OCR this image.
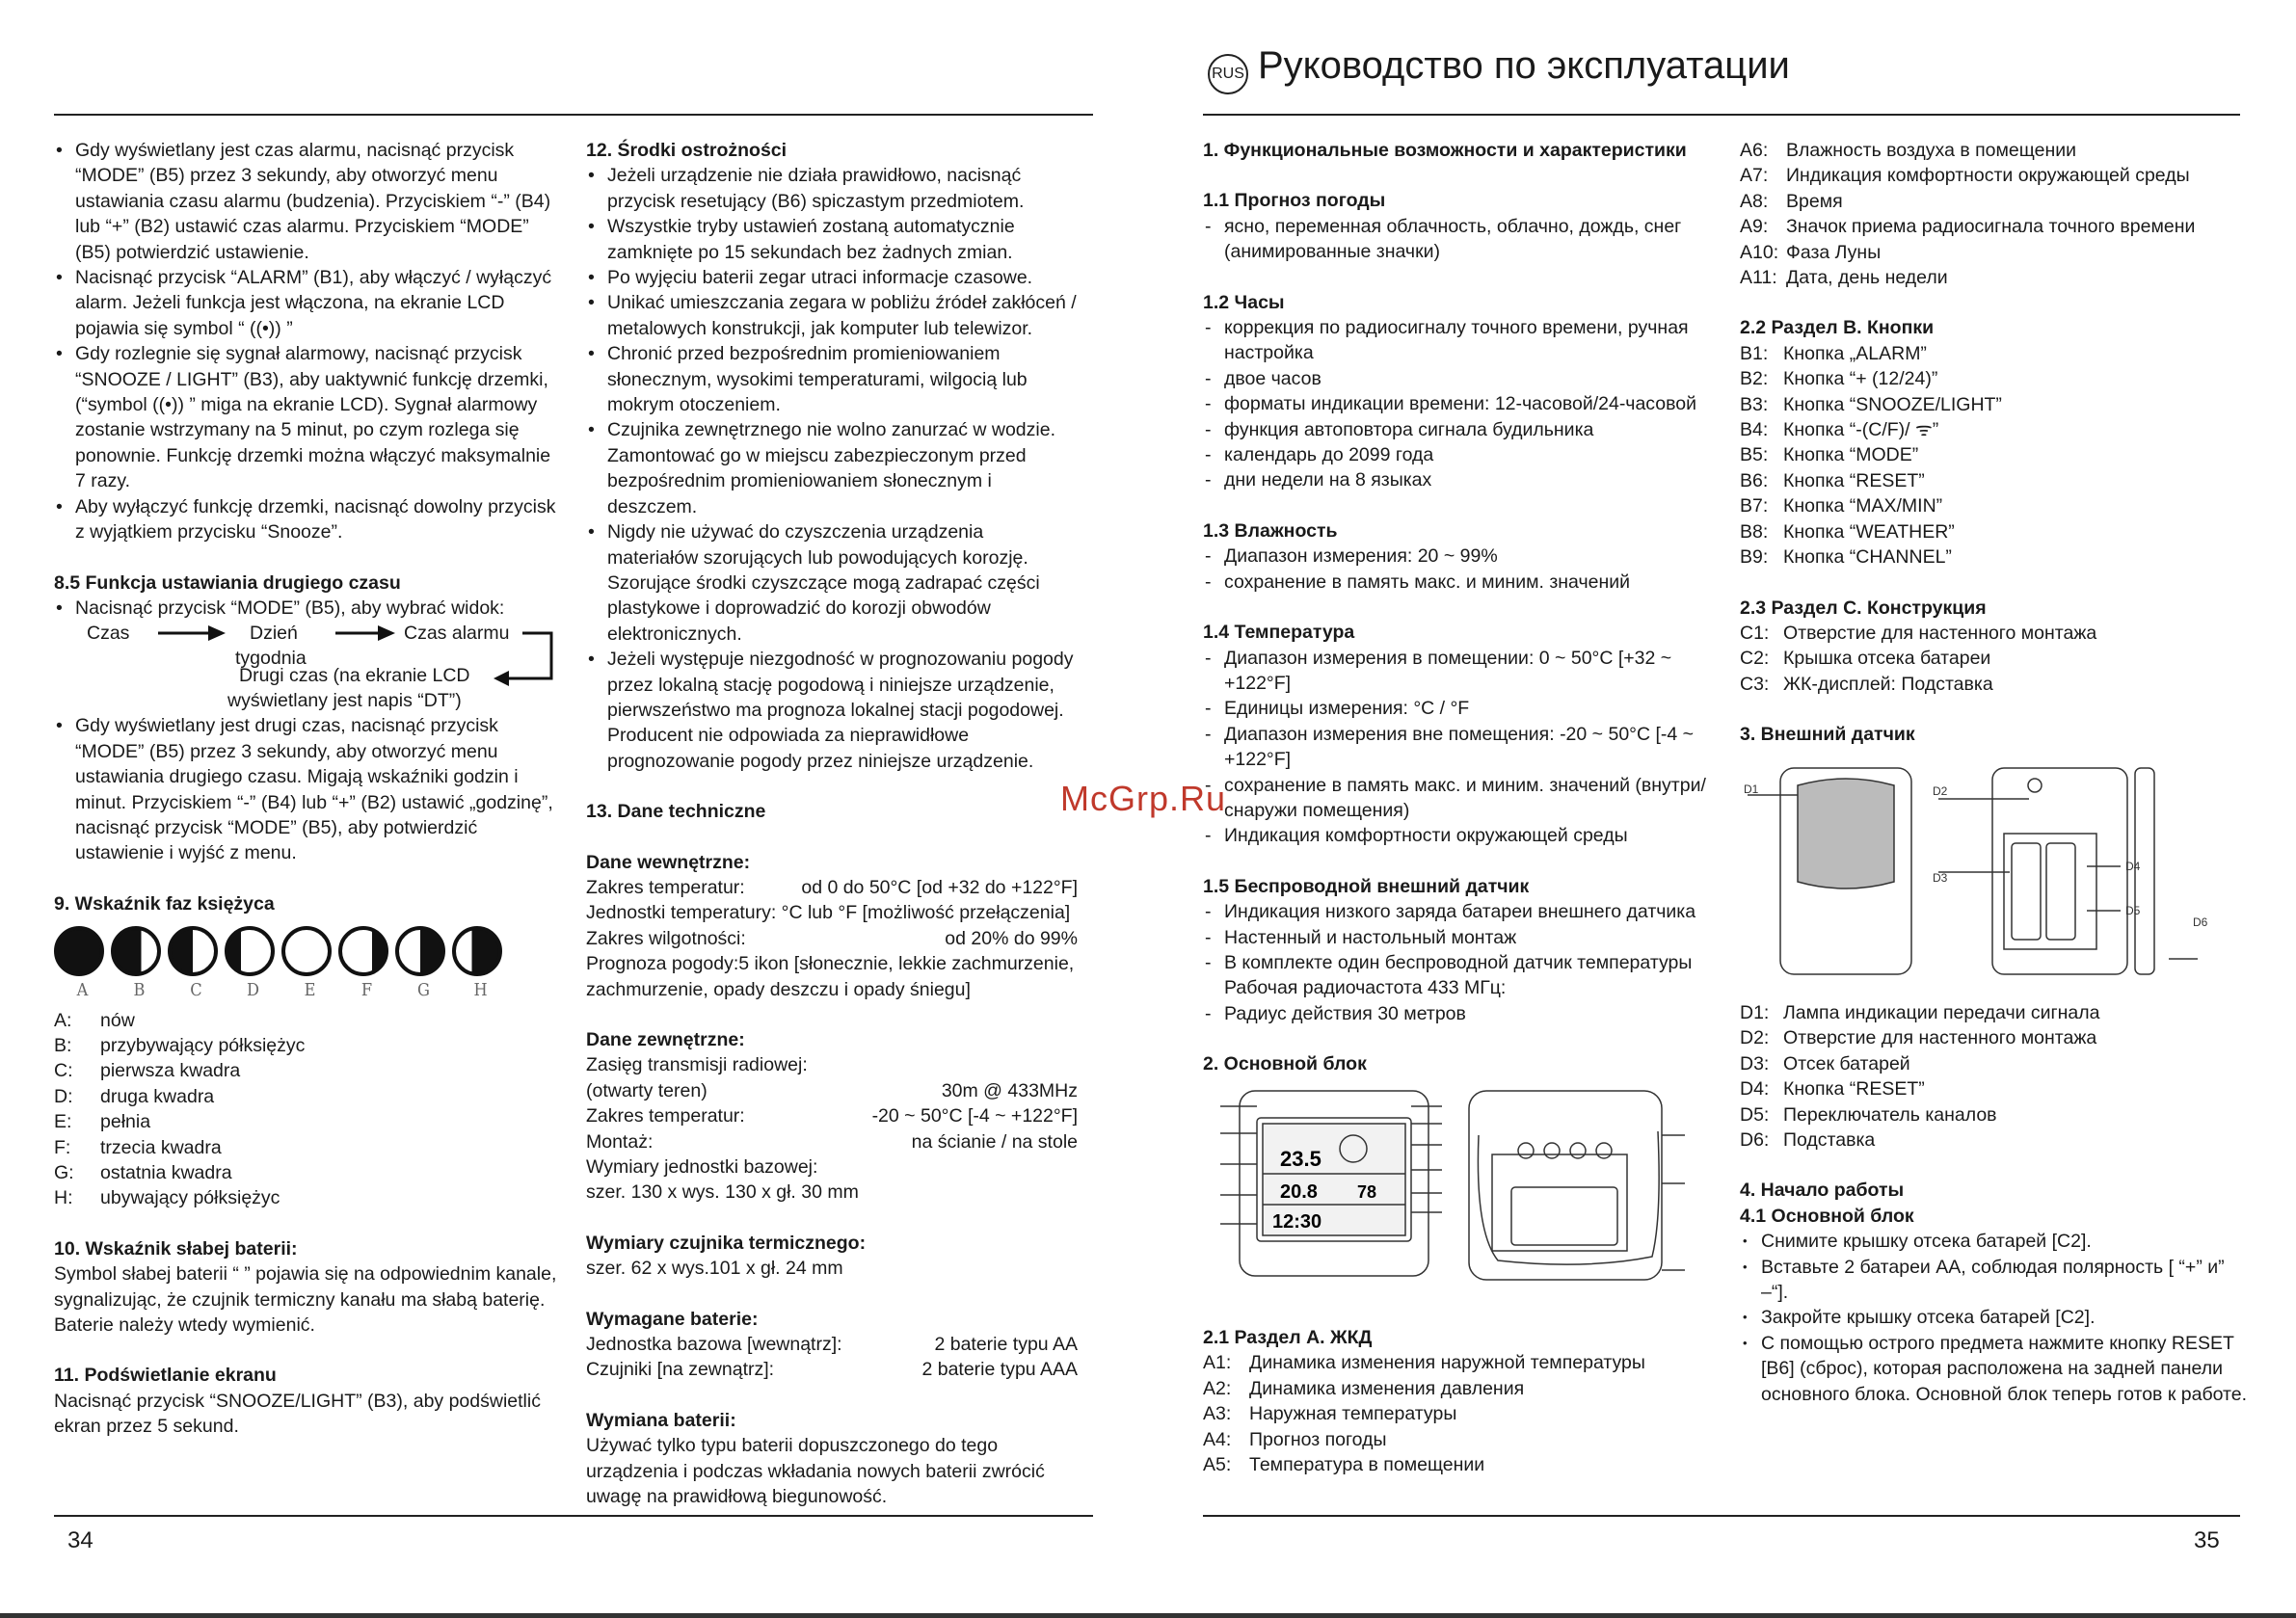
RUS Руководство по эксплуатации

• Gdy wyświetlany jest czas alarmu, nacisnąć przycisk “MODE” (B5) przez 3 sekundy, aby otworzyć menu ustawiania czasu alarmu (budzenia). Przyciskiem “-” (B4) lub “+” (B2) ustawić czas alarmu. Przyciskiem “MODE” (B5) potwierdzić ustawienie.

• Nacisnąć przycisk “ALARM” (B1), aby włączyć / wyłączyć alarm. Jeżeli funkcja jest włączona, na ekranie LCD pojawia się symbol “ ((•)) ”

• Gdy rozlegnie się sygnał alarmowy, nacisnąć przycisk “SNOOZE / LIGHT” (B3), aby uaktywnić funkcję drzemki, (“symbol ((•)) ” miga na ekranie LCD). Sygnał alarmowy zostanie wstrzymany na 5 minut, po czym rozlega się ponownie. Funkcję drzemki można włączyć maksymalnie 7 razy.

• Aby wyłączyć funkcję drzemki, nacisnąć dowolny przycisk z wyjątkiem przycisku “Snooze”.

8.5 Funkcja ustawiania drugiego czasu

• Nacisnąć przycisk “MODE” (B5), aby wybrać widok:

Czas	Dzień
tygodnia
Czas alarmu
Drugi czas (na ekranie LCD
wyświetlany jest napis “DT”)

• Gdy wyświetlany jest drugi czas, nacisnąć przycisk “MODE” (B5) przez 3 sekundy, aby otworzyć menu ustawiania drugiego czasu. Migają wskaźniki godzin i minut. Przyciskiem “-” (B4) lub “+” (B2) ustawić „godzinę”, nacisnąć przycisk “MODE” (B5), aby potwierdzić ustawienie i wyjść z menu.

9. Wskaźnik faz księżyca

A	B	C	D	E	F	G	H
A:	nów
B:	przybywający półksiężyc
C:	pierwsza kwadra
D:	druga kwadra
E:	pełnia
F:	trzecia kwadra
G:	ostatnia kwadra
H:	ubywający półksiężyc

10. Wskaźnik słabej baterii:

Symbol słabej baterii “ ” pojawia się na odpowiednim kanale, sygnalizując, że czujnik termiczny kanału ma słabą baterię. Baterie należy wtedy wymienić.

11. Podświetlanie ekranu

Nacisnąć przycisk “SNOOZE/LIGHT” (B3), aby podświetlić ekran przez 5 sekund.

12. Środki ostrożności

• Jeżeli urządzenie nie działa prawidłowo, nacisnąć przycisk resetujący (B6) spiczastym przedmiotem.

• Wszystkie tryby ustawień zostaną automatycznie zamknięte po 15 sekundach bez żadnych zmian.

• Po wyjęciu baterii zegar utraci informacje czasowe.

• Unikać umieszczania zegara w pobliżu źródeł zakłóceń / metalowych konstrukcji, jak komputer lub telewizor.

• Chronić przed bezpośrednim promieniowaniem słonecznym, wysokimi temperaturami, wilgocią lub mokrym otoczeniem.

• Czujnika zewnętrznego nie wolno zanurzać w wodzie. Zamontować go w miejscu zabezpieczonym przed bezpośrednim promieniowaniem słonecznym i deszczem.

• Nigdy nie używać do czyszczenia urządzenia materiałów szorujących lub powodujących korozję. Szorujące środki czyszczące mogą zadrapać części plastykowe i doprowadzić do korozji obwodów elektronicznych.

• Jeżeli występuje niezgodność w prognozowaniu pogody przez lokalną stację pogodową i niniejsze urządzenie, pierwszeństwo ma prognoza lokalnej stacji pogodowej. Producent nie odpowiada za nieprawidłowe prognozowanie pogody przez niniejsze urządzenie.

13. Dane techniczne

Dane wewnętrzne:

Zakres temperatur:	od 0 do 50°C [od +32 do +122°F]
Jednostki temperatury: °C lub °F [możliwość przełączenia]
Zakres wilgotności:	od 20% do 99%

Prognoza pogody:5 ikon [słonecznie, lekkie zachmurzenie, zachmurzenie, opady deszczu i opady śniegu]

Dane zewnętrzne:

Zasięg transmisji radiowej:

(otwarty teren)	30m @ 433MHz
Zakres temperatur:	-20 ~ 50°C [-4 ~ +122°F]
Montaż:	na ścianie / na stole

Wymiary jednostki bazowej:

szer. 130 x wys. 130 x gł. 30 mm

Wymiary czujnika termicznego:

szer. 62 x wys.101 x gł. 24 mm

Wymagane baterie:

Jednostka bazowa [wewnątrz]:	2 baterie typu AA
Czujniki [na zewnątrz]:	2 baterie typu AAA

Wymiana baterii:

Używać tylko typu baterii dopuszczonego do tego urządzenia i podczas wkładania nowych baterii zwrócić uwagę na prawidłową biegunowość.

1. Функциональные возможности и характеристики

1.1 Прогноз погоды

- ясно, переменная облачность, облачно, дождь, снег (анимированные значки)

1.2 Часы

- коррекция по радиосигналу точного времени, ручная настройка

- двое часов

- форматы индикации времени: 12-часовой/24-часовой

- функция автоповтора сигнала будильника

- календарь до 2099 года

- дни недели на 8 языках

1.3 Влажность

- Диапазон измерения: 20 ~ 99%

- сохранение в память макс. и миним. значений

1.4 Температура

- Диапазон измерения в помещении: 0 ~ 50°С [+32 ~ +122°F]

- Единицы измерения: °С / °F

- Диапазон измерения вне помещения: -20 ~ 50°С [-4 ~ +122°F]

- сохранение в память макс. и миним. значений (внутри/снаружи помещения)

- Индикация комфортности окружающей среды

1.5 Беспроводной внешний датчик

- Индикация низкого заряда батареи внешнего датчика

- Настенный и настольный монтаж

- В комплекте один беспроводной датчик температуры Рабочая радиочастота 433 МГц:

- Радиус действия 30 метров

2. Основной блок

23.5
20.8 78
12:30

2.1 Раздел А. ЖКД

A1: Динамика изменения наружной температуры
A2: Динамика изменения давления
A3: Наружная температуры
A4: Прогноз погоды
A5: Температура в помещении
A6: Влажность воздуха в помещении
A7: Индикация комфортности окружающей среды
A8: Время
A9: Значок приема радиосигнала точного времени
A10: Фаза Луны
A11: Дата, день недели

2.2 Раздел В. Кнопки

B1: Кнопка „ALARM”
B2: Кнопка “+ (12/24)”
B3: Кнопка “SNOOZE/LIGHT”
B4: Кнопка “-(C/F)/ ᯤ”
B5: Кнопка “MODE”
B6: Кнопка “RESET”
B7: Кнопка “MAX/MIN”
B8: Кнопка “WEATHER”
B9: Кнопка “CHANNEL”

2.3 Раздел C. Конструкция

C1: Отверстие для настенного монтажа
C2: Крышка отсека батареи
C3: ЖК-дисплей: Подставка

3. Внешний датчик

D1	D2
D3
D4
D5
D6
D1: Лампа индикации передачи сигнала
D2: Отверстие для настенного монтажа
D3: Отсек батарей
D4: Кнопка “RESET”
D5: Переключатель каналов
D6: Подставка

4. Начало работы

4.1 Основной блок

• Снимите крышку отсека батарей [С2].

• Вставьте 2 батареи АА, соблюдая полярность [ “+” и” –“].

• Закройте крышку отсека батарей [С2].

• С помощью острого предмета нажмите кнопку RESET [В6] (сброс), которая расположена на задней панели основного блока. Основной блок теперь готов к работе.

34	35
McGrp.Ru
